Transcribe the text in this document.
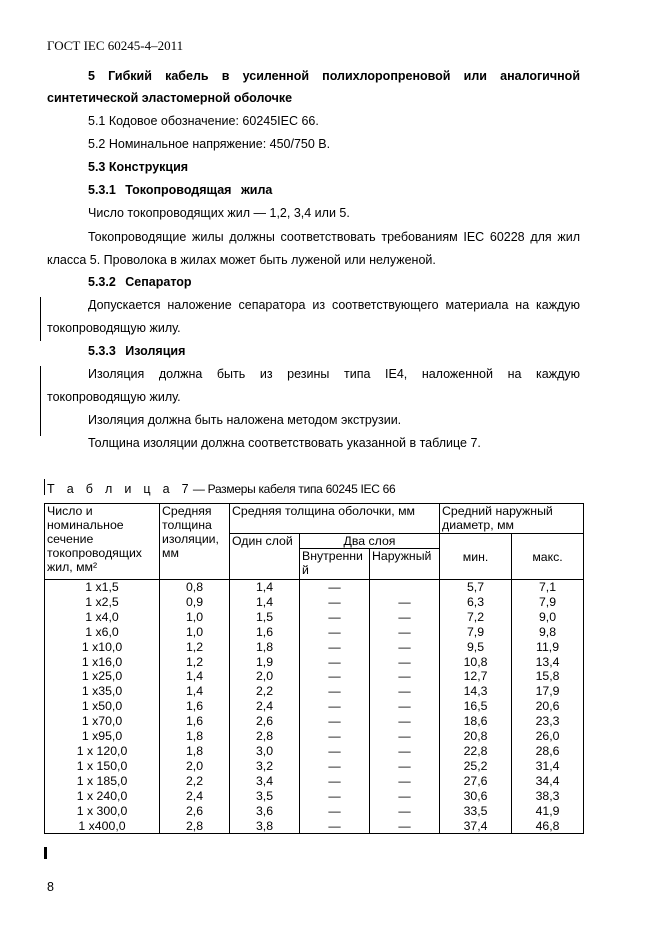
ГОСТ IEC 60245-4–2011
5 Гибкий кабель в усиленной полихлоропреновой или аналогичной
синтетической эластомерной оболочке
5.1 Кодовое обозначение: 60245IEC 66.
5.2 Номинальное напряжение: 450/750 В.
5.3 Конструкция
5.3.1 Токопроводящая жила
Число токопроводящих жил — 1,2, 3,4 или 5.
Токопроводящие жилы должны соответствовать требованиям IEC 60228 для жил
класса 5. Проволока в жилах может быть луженой или нелуженой.
5.3.2 Сепаратор
Допускается наложение сепаратора из соответствующего материала на каждую
токопроводящую жилу.
5.3.3 Изоляция
Изоляция должна быть из резины типа IE4, наложенной на каждую
токопроводящую жилу.
Изоляция должна быть наложена методом экструзии.
Толщина изоляции должна соответствовать указанной в таблице 7.
Т а б л и ц а 7— Размеры кабеля типа 60245 IEC 66
Число и номинальное сечение токопроводящих жил, мм²	Средняя толщина изоляции, мм	Средняя толщина оболочки, мм			Средний наружный диаметр, мм	
		Один слой	Два слоя		мин.	макс.
			Внутренний	Наружный		
1 х1,5	0,8	1,4	—		5,7	7,1
1 х2,5	0,9	1,4	—	—	6,3	7,9
1 х4,0	1,0	1,5	—	—	7,2	9,0
1 х6,0	1,0	1,6	—	—	7,9	9,8
1 х10,0	1,2	1,8	—	—	9,5	11,9
1 х16,0	1,2	1,9	—	—	10,8	13,4
1 х25,0	1,4	2,0	—	—	12,7	15,8
1 х35,0	1,4	2,2	—	—	14,3	17,9
1 х50,0	1,6	2,4	—	—	16,5	20,6
1 х70,0	1,6	2,6	—	—	18,6	23,3
1 х95,0	1,8	2,8	—	—	20,8	26,0
1 х 120,0	1,8	3,0	—	—	22,8	28,6
1 х 150,0	2,0	3,2	—	—	25,2	31,4
1 х 185,0	2,2	3,4	—	—	27,6	34,4
1 х 240,0	2,4	3,5	—	—	30,6	38,3
1 х 300,0	2,6	3,6	—	—	33,5	41,9
1 х400,0	2,8	3,8	—	—	37,4	46,8
8
